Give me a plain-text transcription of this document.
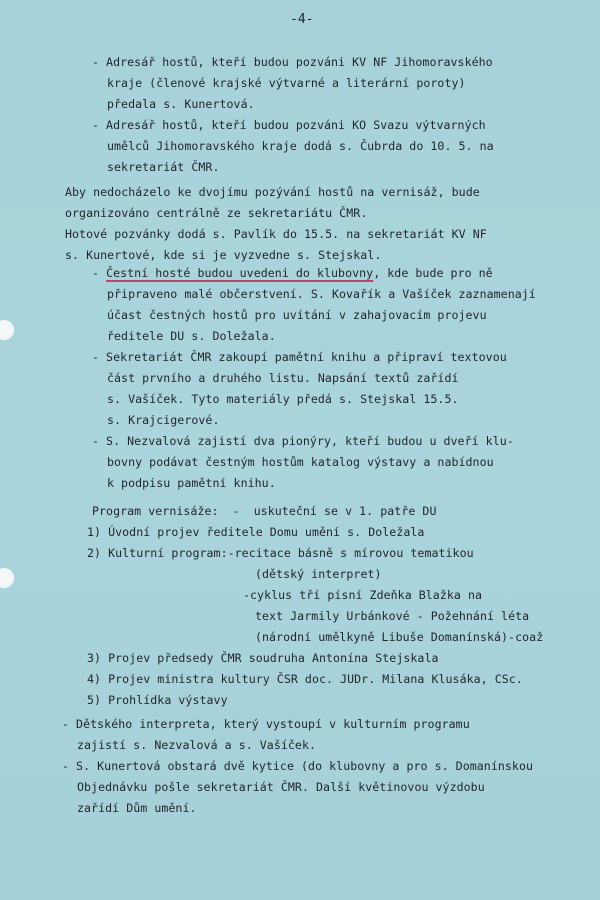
-4-
- Adresář hostů, kteří budou pozváni KV NF Jihomoravského
kraje (členové krajské výtvarné a literární poroty)
předala s. Kunertová.
- Adresář hostů, kteří budou pozváni KO Svazu výtvarných
umělců Jihomoravského kraje dodá s. Čubrda do 10. 5. na
sekretariát ČMR.
Aby nedocházelo ke dvojímu pozývání hostů na vernisáž, bude
organizováno centrálně ze sekretariátu ČMR.
Hotové pozvánky dodá s. Pavlík do 15.5. na sekretariát KV NF
s. Kunertové, kde si je vyzvedne s. Stejskal.
- Čestní hosté budou uvedeni do klubovny, kde bude pro ně
připraveno malé občerstvení. S. Kovařík a Vašíček zaznamenají
účast čestných hostů pro uvítání v zahajovacím projevu
ředitele DU s. Doležala.
- Sekretariát ČMR zakoupí pamětní knihu a připraví textovou
část prvního a druhého listu. Napsání textů zařídí
s. Vašíček. Tyto materiály předá s. Stejskal 15.5.
s. Krajcigerové.
- S. Nezvalová zajistí dva pionýry, kteří budou u dveří klu-
bovny podávat čestným hostům katalog výstavy a nabídnou
k podpisu pamětní knihu.
Program vernisáže:  -  uskuteční se v 1. patře DU
1) Úvodní projev ředitele Domu umění s. Doležala
2) Kulturní program:-recitace básně s mírovou tematikou
(dětský interpret)
-cyklus tří písní Zdeňka Blažka na
text Jarmily Urbánkové - Požehnání léta
(národní umělkyně Libuše Domanínská)-coaž
3) Projev předsedy ČMR soudruha Antonína Stejskala
4) Projev ministra kultury ČSR doc. JUDr. Milana Klusáka, CSc.
5) Prohlídka výstavy
- Dětského interpreta, který vystoupí v kulturním programu
zajistí s. Nezvalová a s. Vašíček.
- S. Kunertová obstará dvě kytice (do klubovny a pro s. Domanínskou
Objednávku pošle sekretariát ČMR. Další květinovou výzdobu
zařídí Dům umění.
